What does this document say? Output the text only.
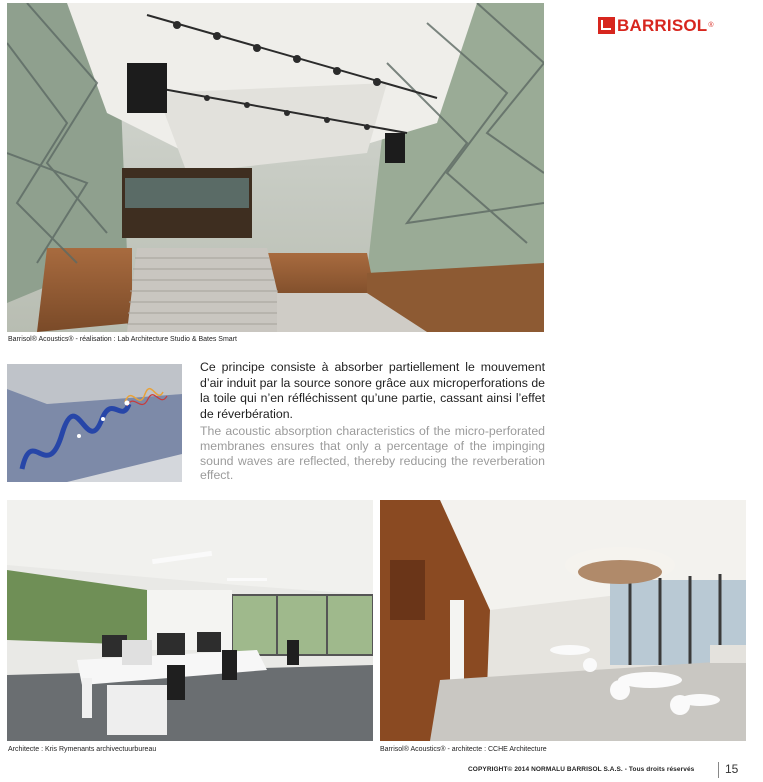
BARRISOL ®
Barrisol® Acoustics® - réalisation : Lab Architecture Studio & Bates Smart
Ce principe consiste à absorber partiellement le mouvement d’air induit par la source sonore grâce aux microperforations de la toile qui n’en réfléchissent qu’une partie, cassant ainsi l’effet de réverbération.
The acoustic absorption characteristics of the micro-perforated membranes ensures that only a percentage of the impinging sound waves are reflected, thereby reducing the reverberation effect.
Architecte : Kris Rymenants archivectuurbureau	Barrisol® Acoustics® - architecte : CCHE Architecture
COPYRIGHT© 2014 NORMALU BARRISOL S.A.S. - Tous droits réservés	15
